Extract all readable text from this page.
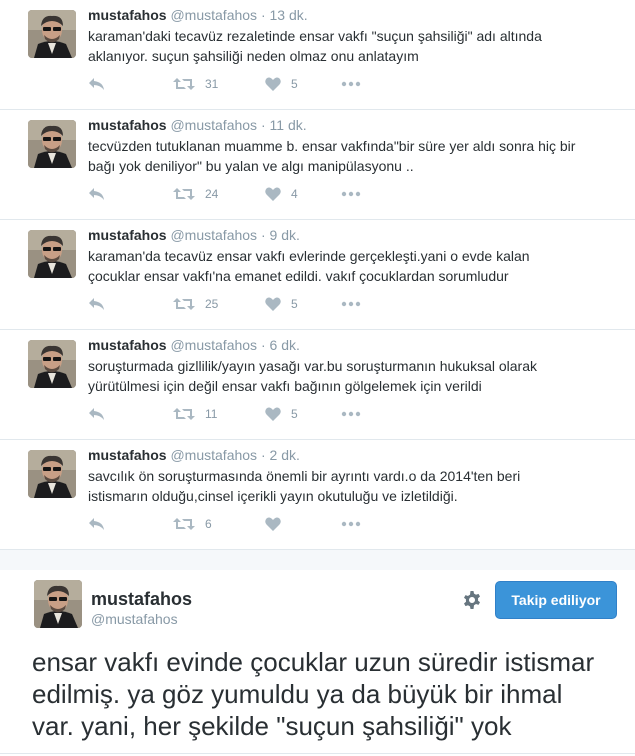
mustafahos @mustafahos · 13 dk.
karaman'daki tecavüz rezaletinde ensar vakfı "suçun şahsiliği" adı altında
aklanıyor. suçun şahsiliği neden olmaz onu anlatayım
31	5
mustafahos @mustafahos · 11 dk.
tecvüzden tutuklanan muamme b. ensar vakfında"bir süre yer aldı sonra hiç bir
bağı yok deniliyor" bu yalan ve algı manipülasyonu ..
24	4
mustafahos @mustafahos · 9 dk.
karaman'da tecavüz ensar vakfı evlerinde gerçekleşti.yani o evde kalan
çocuklar ensar vakfı'na emanet edildi. vakıf çocuklardan sorumludur
25	5
mustafahos @mustafahos · 6 dk.
soruşturmada gizllilik/yayın yasağı var.bu soruşturmanın hukuksal olarak
yürütülmesi için değil ensar vakfı bağının gölgelemek için verildi
11	5
mustafahos @mustafahos · 2 dk.
savcılık ön soruşturmasında önemli bir ayrıntı vardı.o da 2014'ten beri
istismarın olduğu,cinsel içerikli yayın okutuluğu ve izletildiği.
6
mustafahos
@mustafahos
Takip ediliyor
ensar vakfı evinde çocuklar uzun süredir istismar
edilmiş. ya göz yumuldu ya da büyük bir ihmal
var. yani, her şekilde "suçun şahsiliği" yok
